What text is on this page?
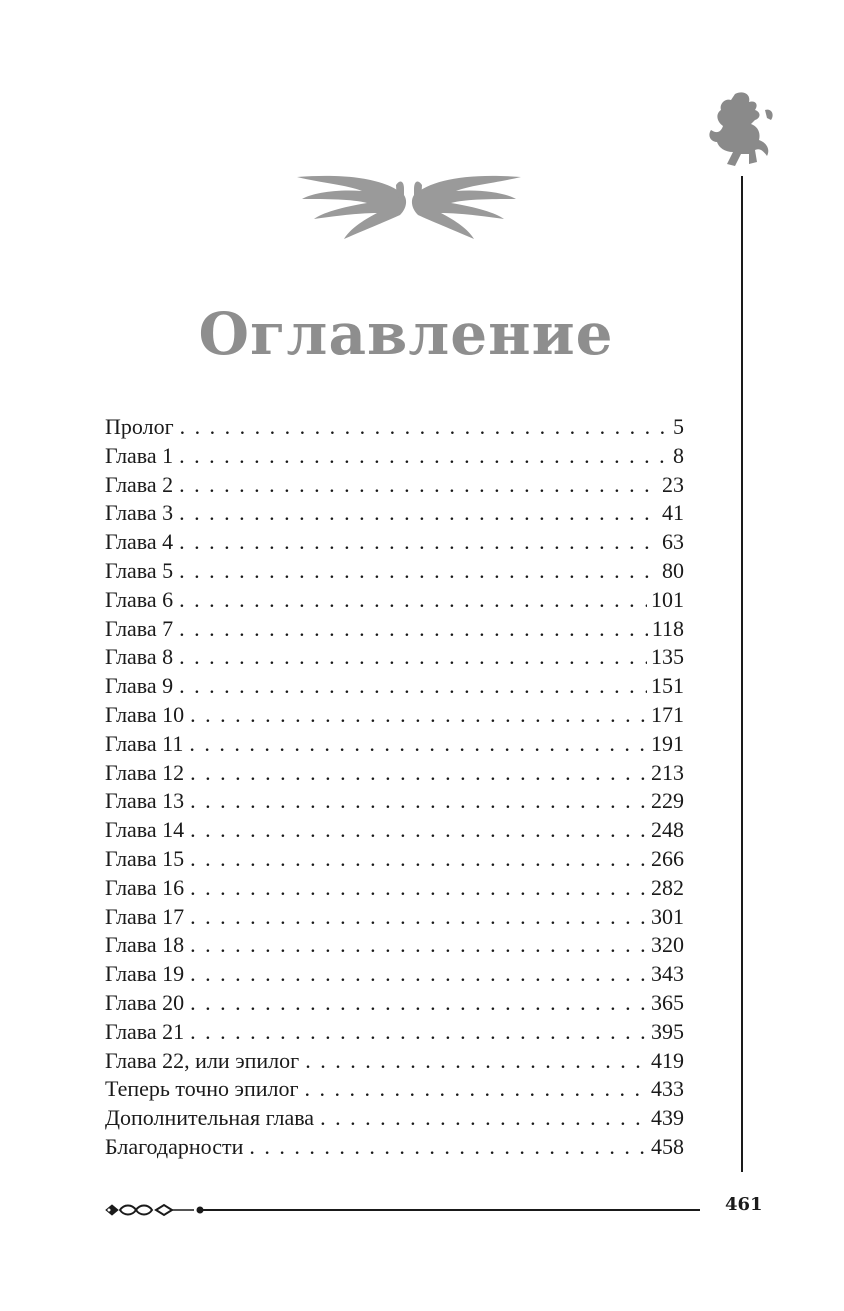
Оглавление
Пролог . . .	5
Глава 1 . . .	8
Глава 2 . . .	23
Глава 3 . . .	41
Глава 4 . . .	63
Глава 5 . . .	80
Глава 6 . . .	101
Глава 7 . . .	118
Глава 8 . . .	135
Глава 9 . . .	151
Глава 10 . . .	171
Глава 11 . . .	191
Глава 12 . . .	213
Глава 13 . . .	229
Глава 14 . . .	248
Глава 15 . . .	266
Глава 16 . . .	282
Глава 17 . . .	301
Глава 18 . . .	320
Глава 19 . . .	343
Глава 20 . . .	365
Глава 21 . . .	395
Глава 22, или эпилог . . .	419
Теперь точно эпилог . . .	433
Дополнительная глава . . .	439
Благодарности . . .	458
461
